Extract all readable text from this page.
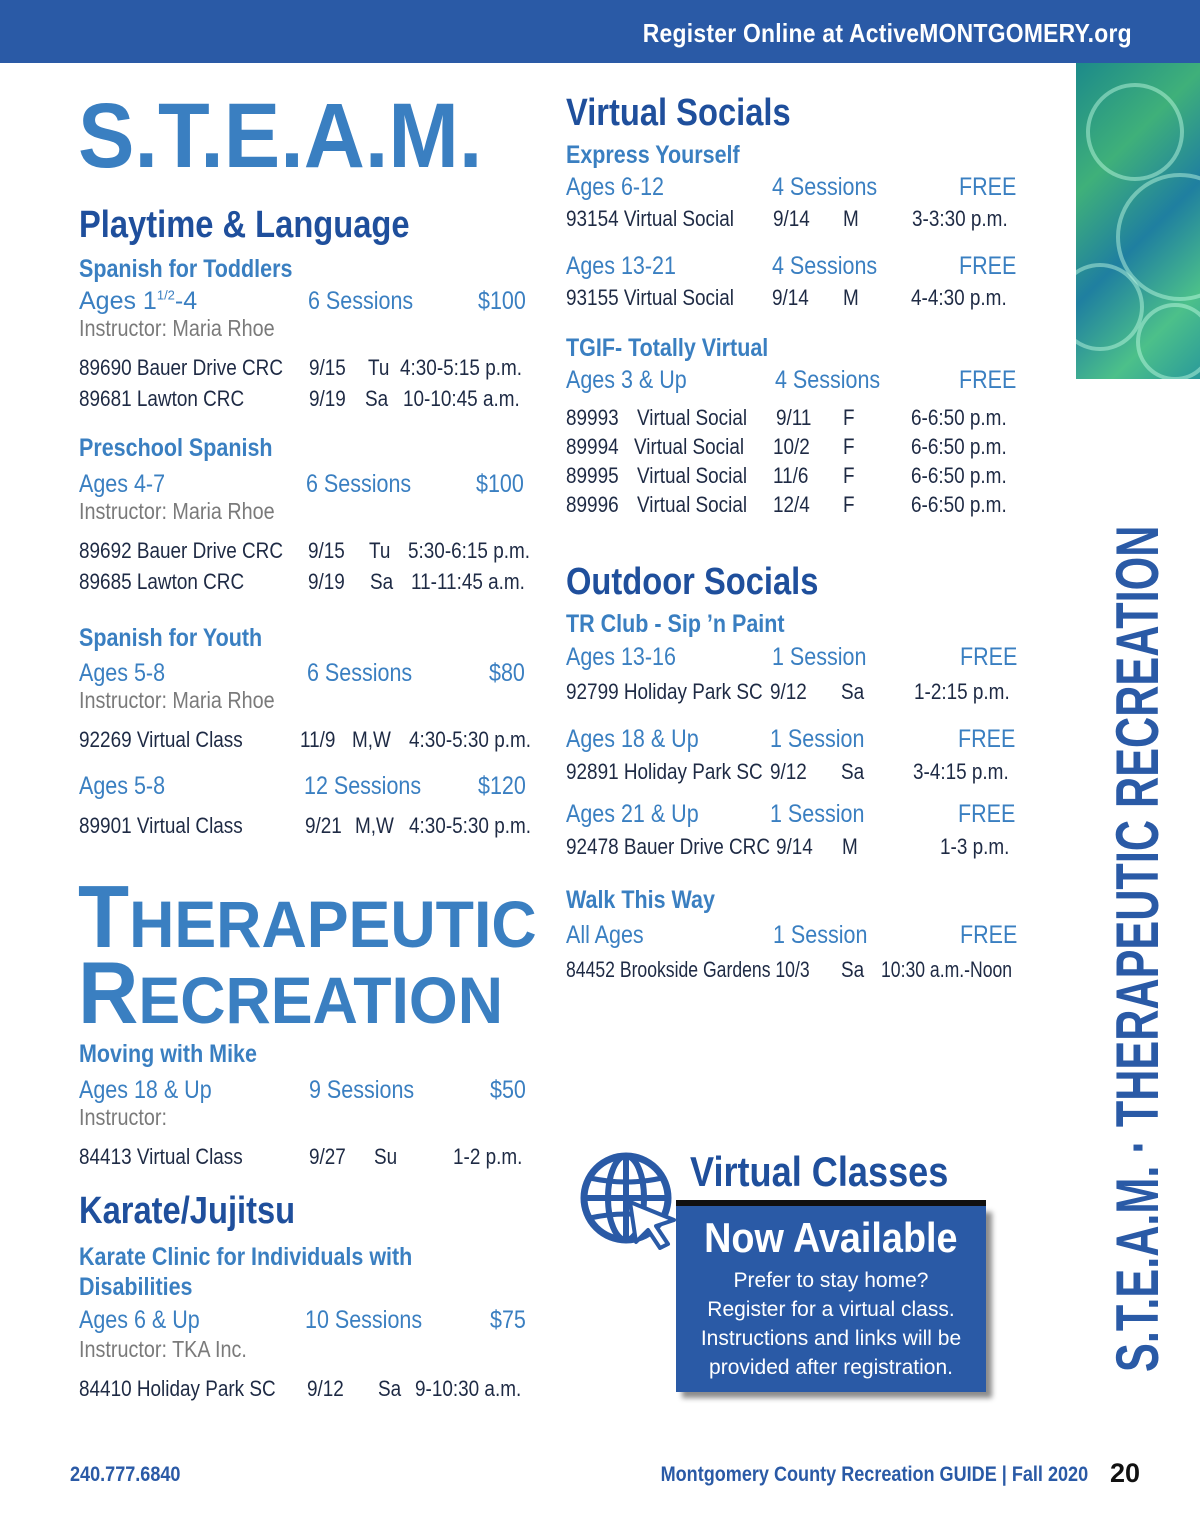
Register Online at ActiveMONTGOMERY.org
S.T.E.A.M. · THERAPEUTIC RECREATION
S.T.E.A.M.
Playtime & Language
Spanish for Toddlers
Ages $1^{1/2}-4$	6 Sessions	$100
Instructor: Maria Rhoe
89690 Bauer Drive CRC 9/15 Tu 4:30-5:15 p.m.
89681 Lawton CRC	9/19 Sa 10-10:45 a.m.
Preschool Spanish
Ages 4-7	6 Sessions	$100
Instructor: Maria Rhoe
89692 Bauer Drive CRC 9/15 Tu 5:30-6:15 p.m.
89685 Lawton CRC	9/19 Sa 11-11:45 a.m.
Spanish for Youth
Ages 5-8	6 Sessions	$80
Instructor: Maria Rhoe
92269 Virtual Class	11/9 M,W 4:30-5:30 p.m.
Ages 5-8	12 Sessions	$120
89901 Virtual Class	9/21 M,W 4:30-5:30 p.m.
THERAPEUTIC
RECREATION
Moving with Mike
Ages 18 & Up	9 Sessions	$50
Instructor:
84413 Virtual Class	9/27 Su	1-2 p.m.
Karate/Jujitsu
Karate Clinic for Individuals with
Disabilities
Ages 6 & Up	10 Sessions	$75
Instructor: TKA Inc.
84410 Holiday Park SC 9/12 Sa 9-10:30 a.m.
Virtual Socials
Express Yourself
Ages 6-12	4 Sessions	FREE
93154 Virtual Social 9/14 M 3-3:30 p.m.
Ages 13-21	4 Sessions	FREE
93155 Virtual Social 9/14 M 4-4:30 p.m.
TGIF- Totally Virtual
Ages 3 & Up	4 Sessions	FREE
89993 Virtual Social 9/11 F	6-6:50 p.m.
89994 Virtual Social 10/2 F	6-6:50 p.m.
89995 Virtual Social 11/6 F	6-6:50 p.m.
89996 Virtual Social 12/4 F	6-6:50 p.m.
Outdoor Socials
TR Club - Sip ’n Paint
Ages 13-16	1 Session	FREE
92799 Holiday Park SC 9/12 Sa 1-2:15 p.m.
Ages 18 & Up	1 Session	FREE
92891 Holiday Park SC 9/12 Sa 3-4:15 p.m.
Ages 21 & Up	1 Session	FREE
92478 Bauer Drive CRC 9/14 M	1-3 p.m.
Walk This Way
All Ages	1 Session	FREE
84452 Brookside Gardens 10/3 Sa 10:30 a.m.-Noon
Virtual Classes
Now Available
Prefer to stay home?
Register for a virtual class.
Instructions and links will be
provided after registration.
240.777.6840	Montgomery County Recreation GUIDE | Fall 2020 20
